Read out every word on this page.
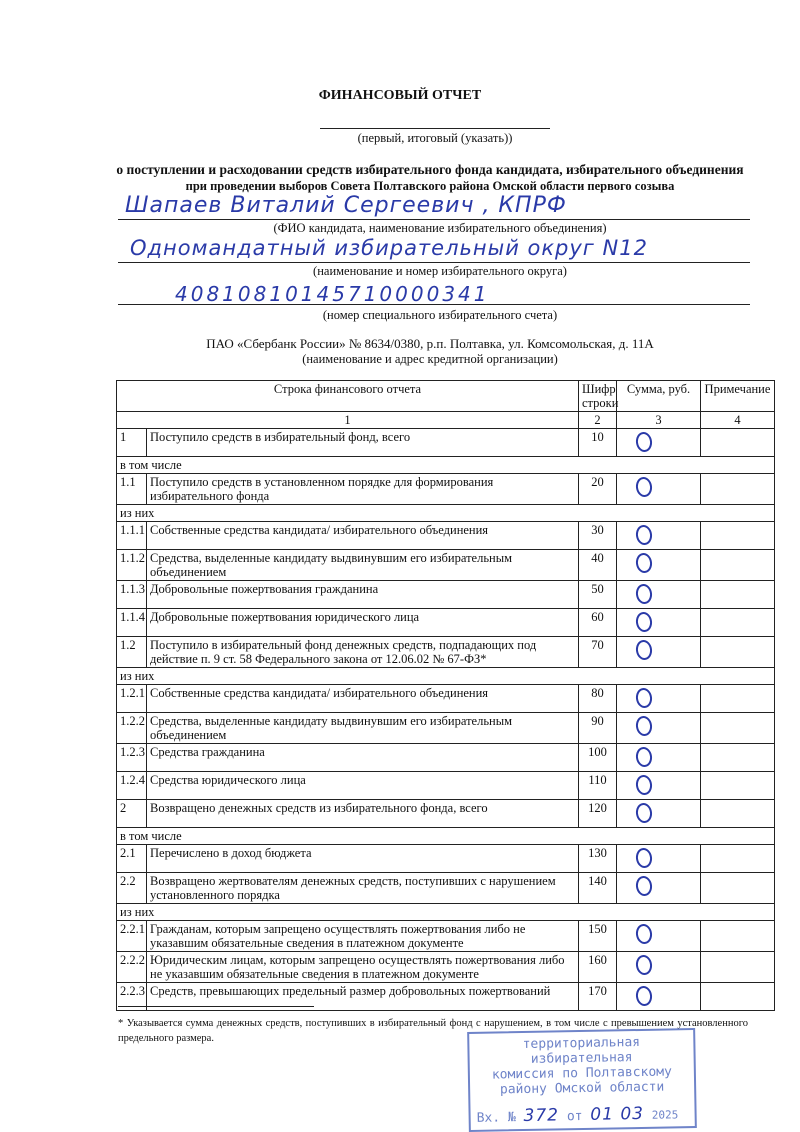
ФИНАНСОВЫЙ ОТЧЕТ
(первый, итоговый (указать))
о поступлении и расходовании средств избирательного фонда кандидата, избирательного объединения
при проведении выборов Совета Полтавского района Омской области первого созыва
Шапаев Виталий Сергеевич , КПРФ
(ФИО кандидата, наименование избирательного объединения)
Одномандатный избирательный округ N12
(наименование и номер избирательного округа)
40810810145710000341
(номер специального избирательного счета)
ПАО «Сбербанк России» № 8634/0380, р.п. Полтавка, ул. Комсомольская, д. 11А
(наименование и адрес кредитной организации)
Строка финансового отчета		Шифр строки	Сумма, руб.	Примечание
1		2	3	4
1	Поступило средств в избирательный фонд, всего	10		
в том числе				
1.1	Поступило средств в установленном порядке для формирования избирательного фонда	20		
из них				
1.1.1	Собственные средства кандидата/ избирательного объединения	30		
1.1.2	Средства, выделенные кандидату выдвинувшим его избирательным объединением	40		
1.1.3	Добровольные пожертвования гражданина	50		
1.1.4	Добровольные пожертвования юридического лица	60		
1.2	Поступило в избирательный фонд денежных средств, подпадающих под действие п. 9 ст. 58 Федерального закона от 12.06.02 № 67-ФЗ*	70		
из них				
1.2.1	Собственные средства кандидата/ избирательного объединения	80		
1.2.2	Средства, выделенные кандидату выдвинувшим его избирательным объединением	90		
1.2.3	Средства гражданина	100		
1.2.4	Средства юридического лица	110		
2	Возвращено денежных средств из избирательного фонда, всего	120		
в том числе				
2.1	Перечислено в доход бюджета	130		
2.2	Возвращено жертвователям денежных средств, поступивших с нарушением установленного порядка	140		
из них				
2.2.1	Гражданам, которым запрещено осуществлять пожертвования либо не указавшим обязательные сведения в платежном документе	150		
2.2.2	Юридическим лицам, которым запрещено осуществлять пожертвования либо не указавшим обязательные сведения в платежном документе	160		
2.2.3	Средств, превышающих предельный размер добровольных пожертвований	170		
* Указывается сумма денежных средств, поступивших в избирательный фонд с нарушением, в том числе с превышением установленного предельного размера.	территориальная избирательная
комиссия по Полтавскому
району Омской области
Вх. № 372 от 01 03 2025
